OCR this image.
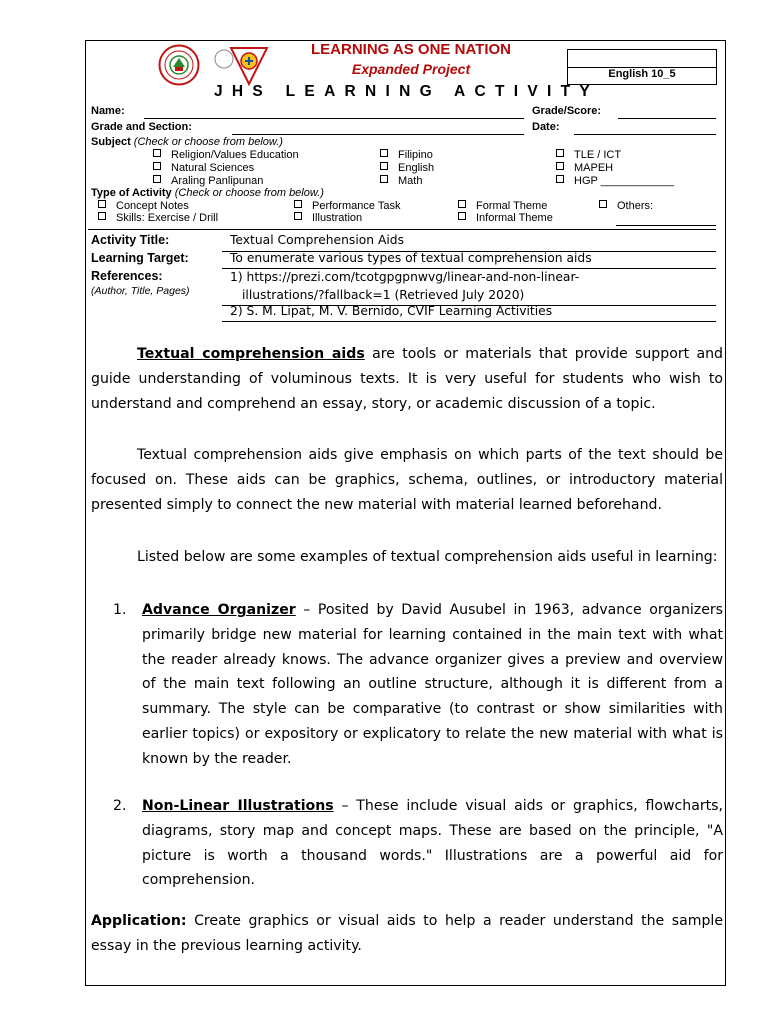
LEARNING AS ONE NATION
Expanded Project	English 10_5
JHS LEARNING ACTIVITY
Name:	Grade/Score:
Grade and Section:	Date:
Subject (Check or choose from below.)
Religion/Values Education
Natural Sciences
Araling Panlipunan
Filipino
English
Math
TLE / ICT
MAPEH
HGP ____________
Type of Activity (Check or choose from below.)
Concept Notes	Performance Task	Formal Theme	Others:
Skills: Exercise / Drill	Illustration	Informal Theme
Activity Title:	Textual Comprehension Aids
Learning Target:	To enumerate various types of textual comprehension aids
References:
(Author, Title, Pages)
1) https://prezi.com/tcotgpgpnwvg/linear-and-non-linear-
illustrations/?fallback=1 (Retrieved July 2020)
2) S. M. Lipat, M. V. Bernido, CVIF Learning Activities
Textual comprehension aids are tools or materials that provide support and guide understanding of voluminous texts. It is very useful for students who wish to understand and comprehend an essay, story, or academic discussion of a topic.
Textual comprehension aids give emphasis on which parts of the text should be focused on. These aids can be graphics, schema, outlines, or introductory material presented simply to connect the new material with material learned beforehand.
Listed below are some examples of textual comprehension aids useful in learning:
1. Advance Organizer – Posited by David Ausubel in 1963, advance organizers primarily bridge new material for learning contained in the main text with what the reader already knows. The advance organizer gives a preview and overview of the main text following an outline structure, although it is different from a summary. The style can be comparative (to contrast or show similarities with earlier topics) or expository or explicatory to relate the new material with what is known by the reader.
2. Non-Linear Illustrations – These include visual aids or graphics, flowcharts, diagrams, story map and concept maps. These are based on the principle, "A picture is worth a thousand words." Illustrations are a powerful aid for comprehension.
Application: Create graphics or visual aids to help a reader understand the sample essay in the previous learning activity.
